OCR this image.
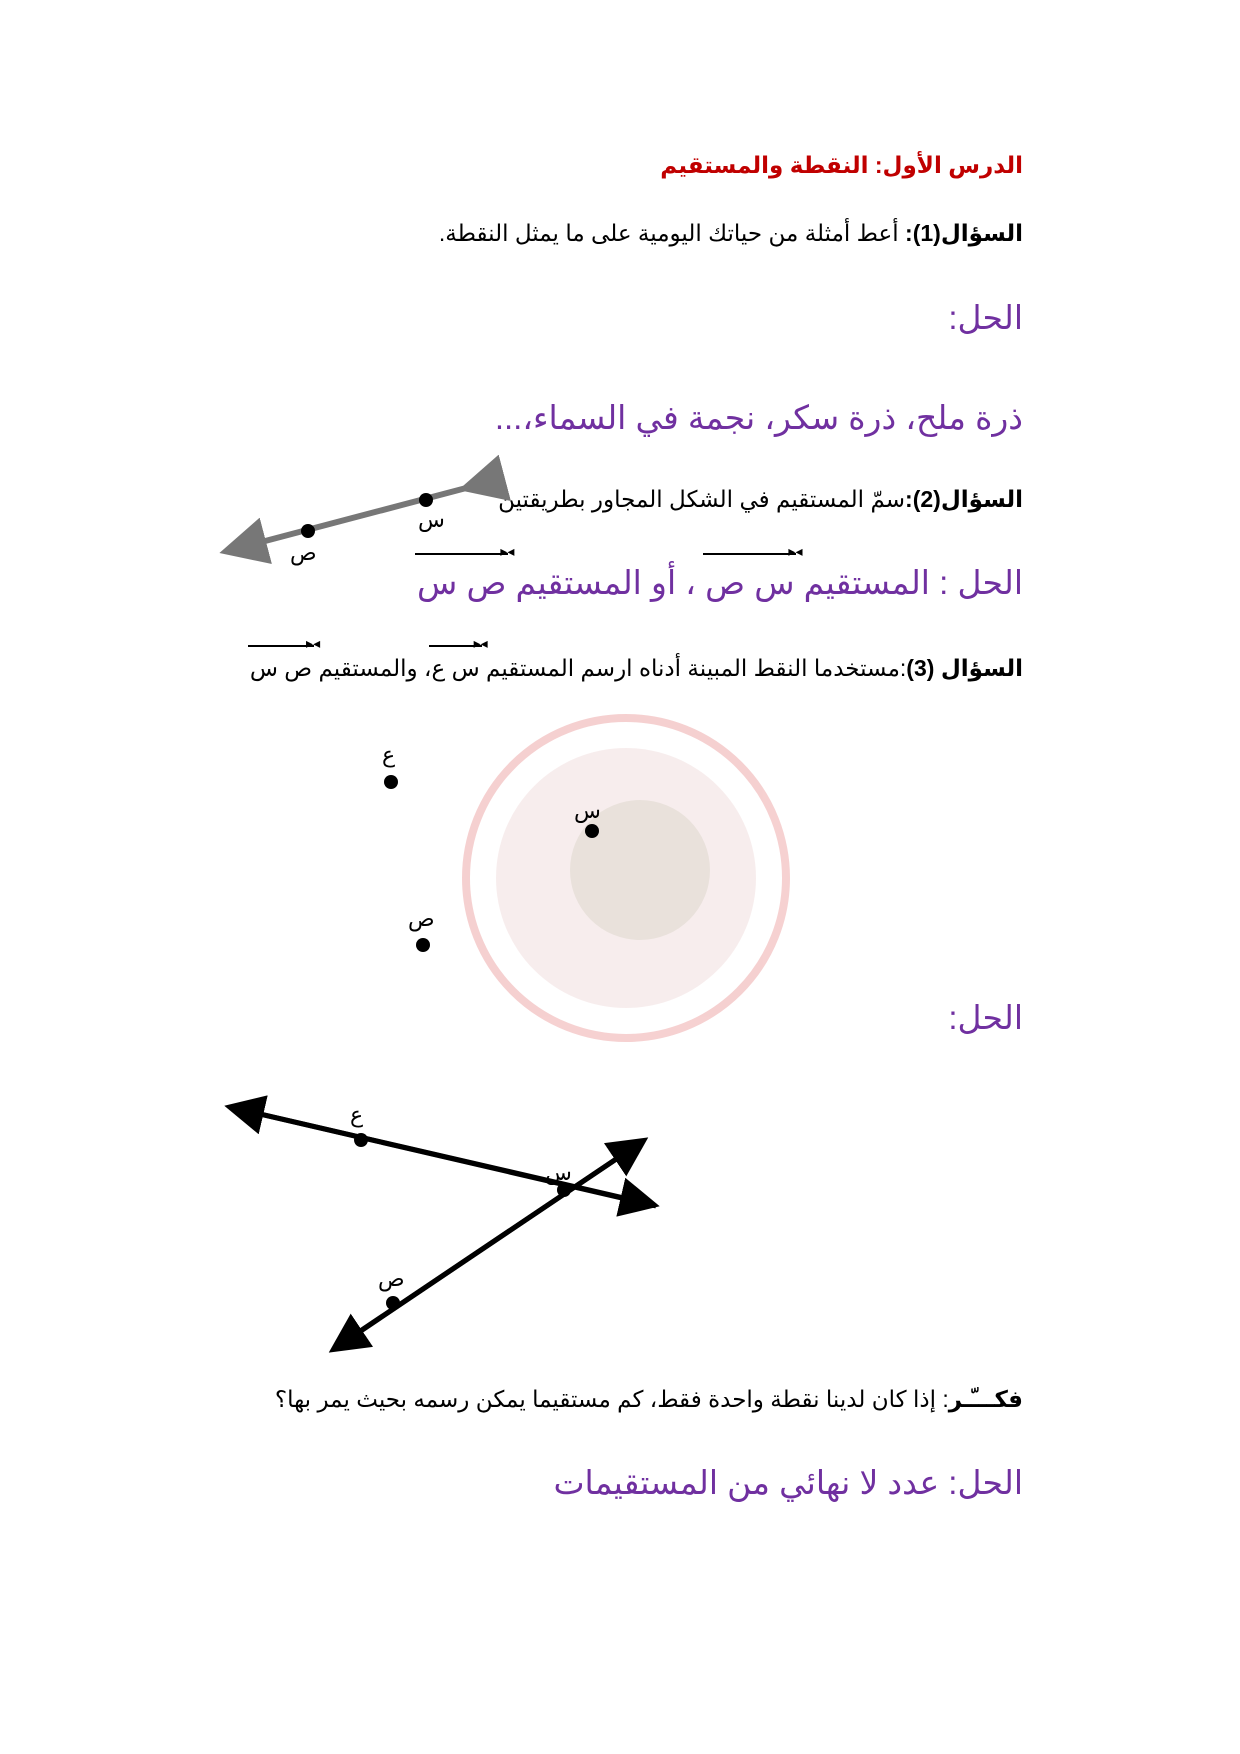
الدرس الأول: النقطة والمستقيم
السؤال(1): أعط أمثلة من حياتك اليومية على ما يمثل النقطة.
الحل:
ذرة ملح، ذرة سكر، نجمة في السماء،...
السؤال(2):سمّ المستقيم في الشكل المجاور بطريقتين
الحل : المستقيم س ص ◂▸ ، أو المستقيم ص س ◂▸
السؤال (3):مستخدما النقط المبينة أدناه ارسم المستقيم س ع ◂▸، والمستقيم ص س ◂▸
الحل:
فكـــّـر: إذا كان لدينا نقطة واحدة فقط، كم مستقيما يمكن رسمه بحيث يمر بها؟
الحل: عدد لا نهائي من المستقيمات
س
ص
ع
س
ص
ع
س
ص
